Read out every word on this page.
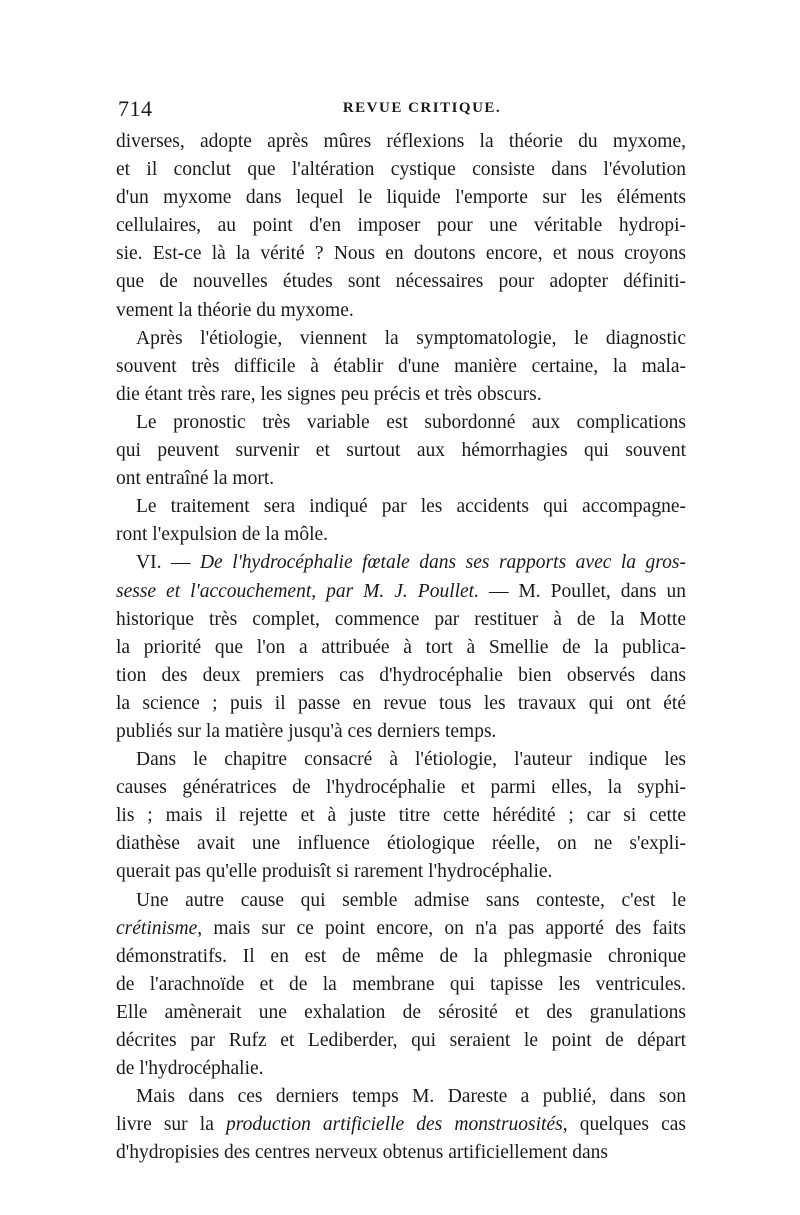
714	REVUE CRITIQUE.
diverses, adopte après mûres réflexions la théorie du myxome,
et il conclut que l'altération cystique consiste dans l'évolution
d'un myxome dans lequel le liquide l'emporte sur les éléments
cellulaires, au point d'en imposer pour une véritable hydropi-
sie. Est-ce là la vérité ? Nous en doutons encore, et nous croyons
que de nouvelles études sont nécessaires pour adopter définiti-
vement la théorie du myxome.
Après l'étiologie, viennent la symptomatologie, le diagnostic
souvent très difficile à établir d'une manière certaine, la mala-
die étant très rare, les signes peu précis et très obscurs.
Le pronostic très variable est subordonné aux complications
qui peuvent survenir et surtout aux hémorrhagies qui souvent
ont entraîné la mort.
Le traitement sera indiqué par les accidents qui accompagne-
ront l'expulsion de la môle.
VI. — De l'hydrocéphalie fœtale dans ses rapports avec la gros-
sesse et l'accouchement, par M. J. Poullet. — M. Poullet, dans un
historique très complet, commence par restituer à de la Motte
la priorité que l'on a attribuée à tort à Smellie de la publica-
tion des deux premiers cas d'hydrocéphalie bien observés dans
la science ; puis il passe en revue tous les travaux qui ont été
publiés sur la matière jusqu'à ces derniers temps.
Dans le chapitre consacré à l'étiologie, l'auteur indique les
causes génératrices de l'hydrocéphalie et parmi elles, la syphi-
lis ; mais il rejette et à juste titre cette hérédité ; car si cette
diathèse avait une influence étiologique réelle, on ne s'expli-
querait pas qu'elle produisît si rarement l'hydrocéphalie.
Une autre cause qui semble admise sans conteste, c'est le
crétinisme, mais sur ce point encore, on n'a pas apporté des faits
démonstratifs. Il en est de même de la phlegmasie chronique
de l'arachnoïde et de la membrane qui tapisse les ventricules.
Elle amènerait une exhalation de sérosité et des granulations
décrites par Rufz et Lediberder, qui seraient le point de départ
de l'hydrocéphalie.
Mais dans ces derniers temps M. Dareste a publié, dans son
livre sur la production artificielle des monstruosités, quelques cas
d'hydropisies des centres nerveux obtenus artificiellement dans
